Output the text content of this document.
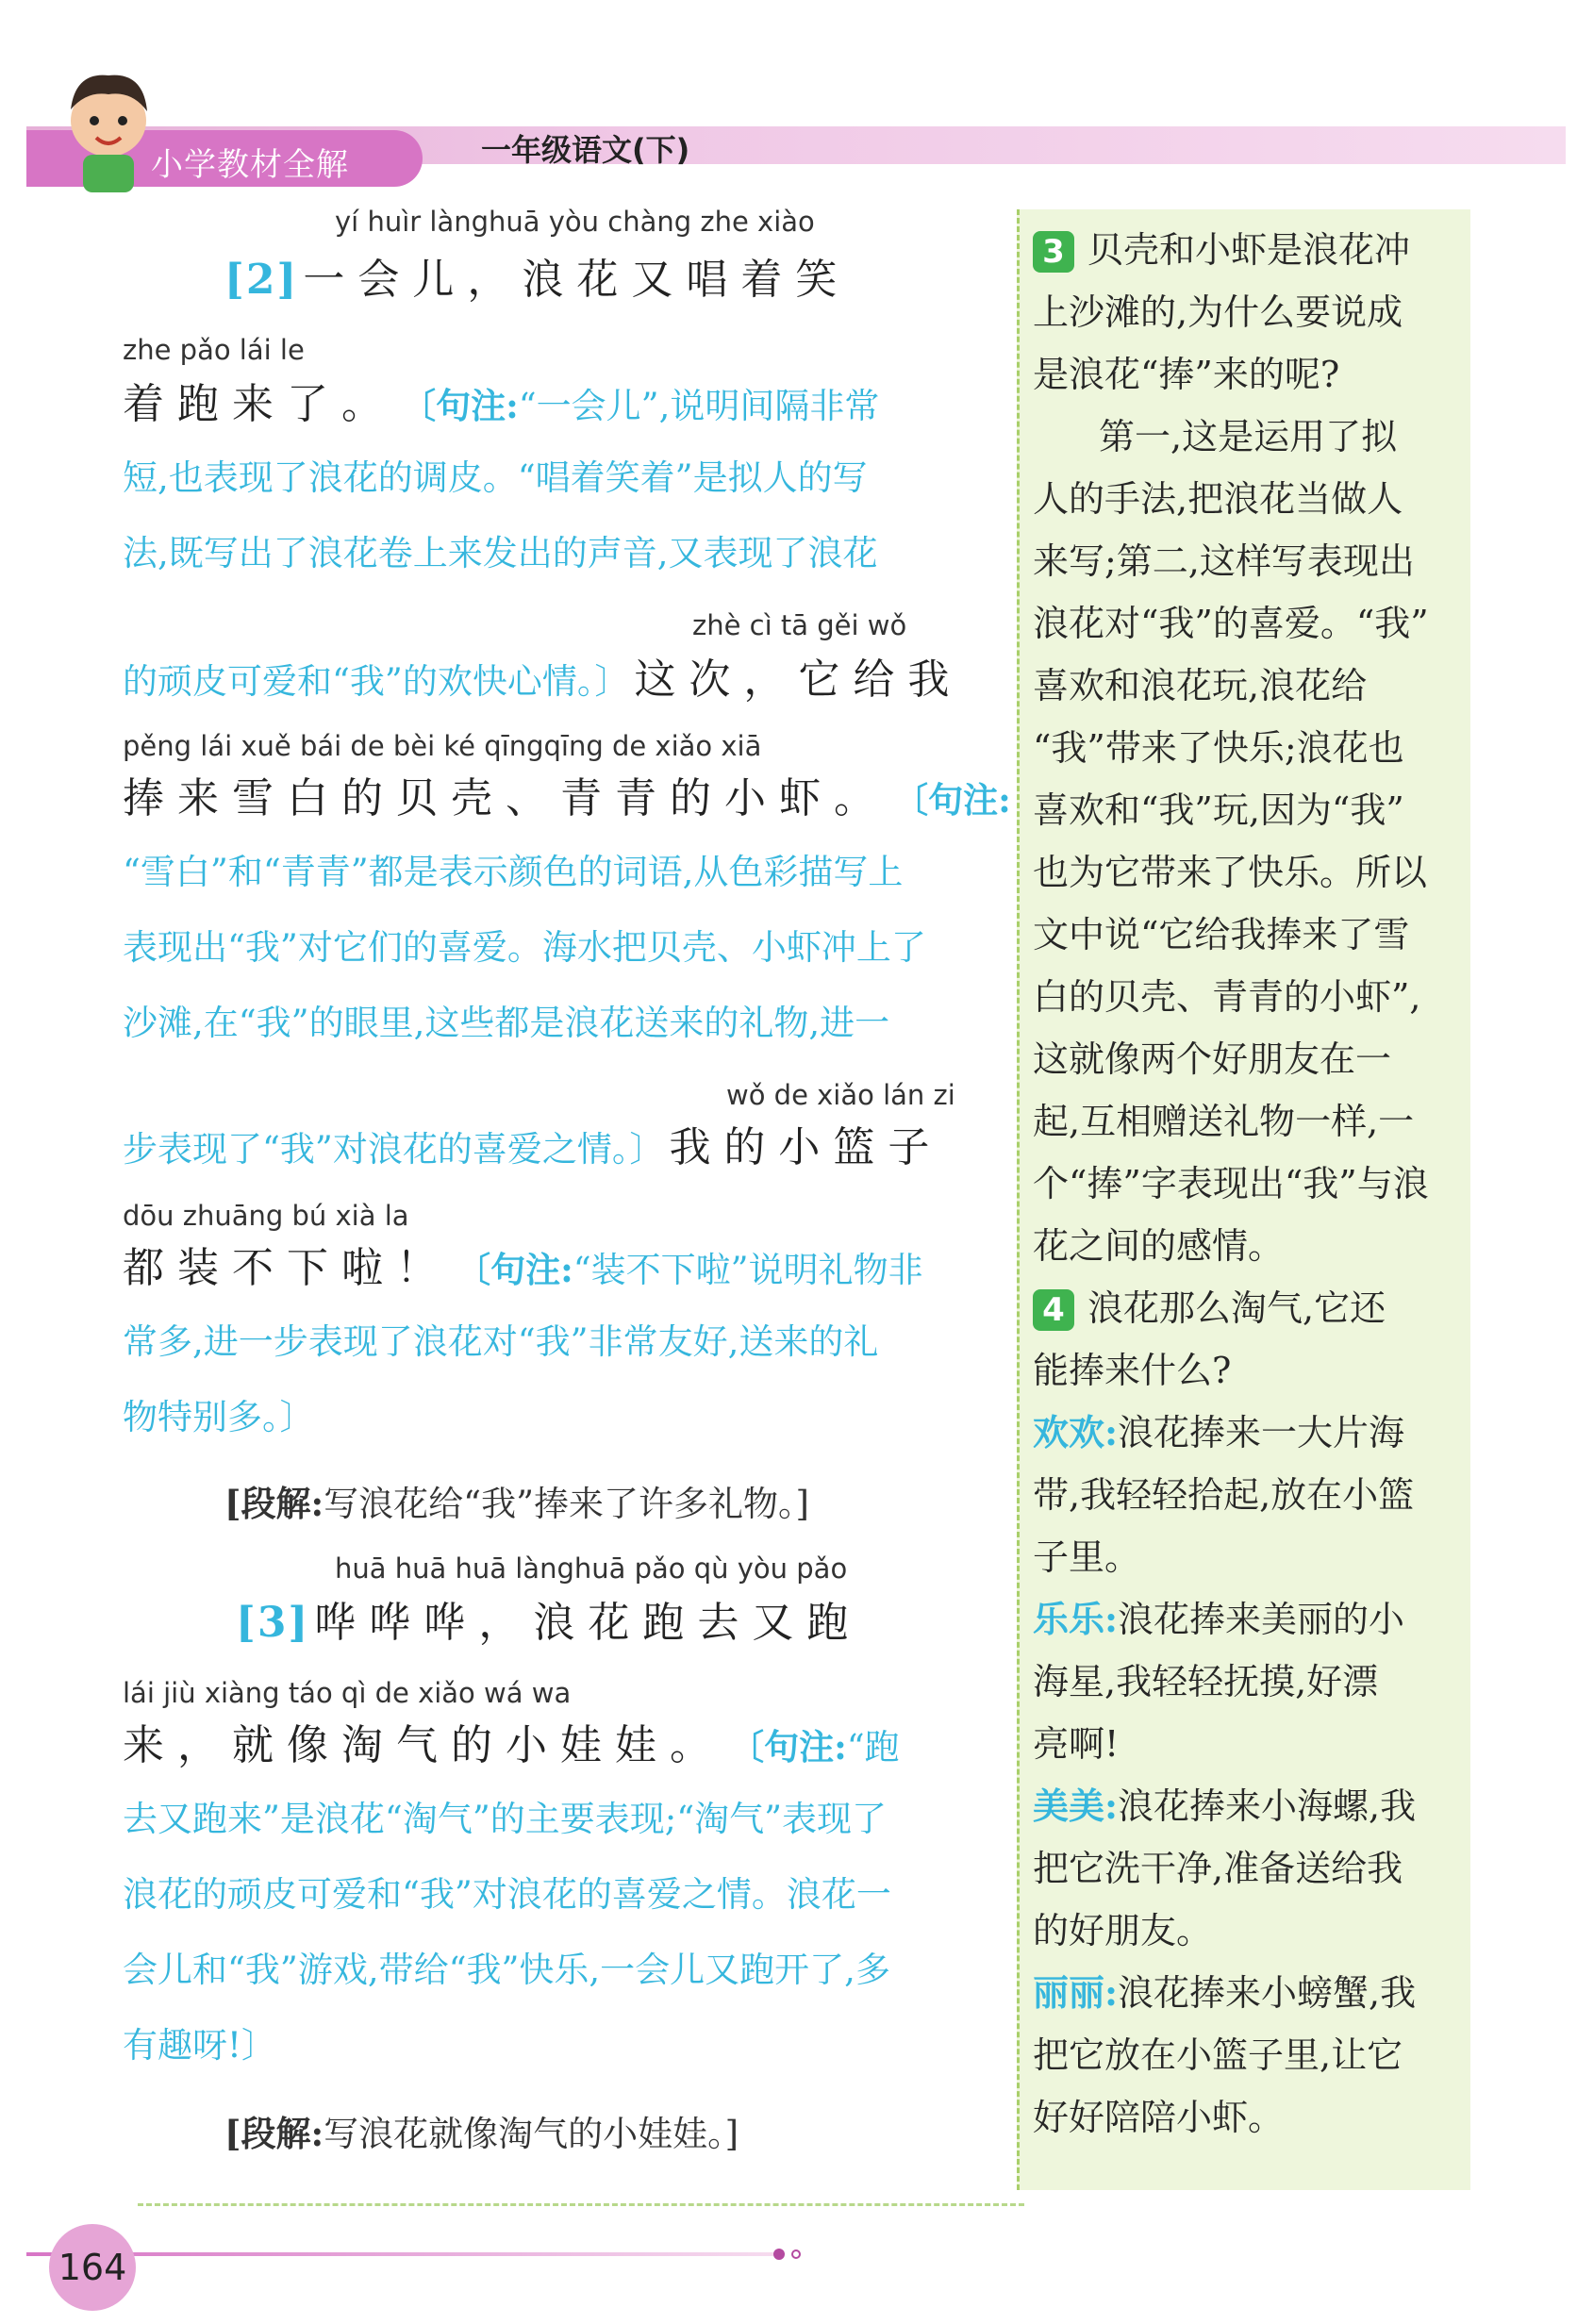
小学教材全解	一年级语文(下)
yí huìr lànghuā yòu chàng zhe xiào
[2] 一会儿，浪花又唱着笑
zhe pǎo lái le
着跑来了。 〔句注:“一会儿”,说明间隔非常
短,也表现了浪花的调皮。“唱着笑着”是拟人的写
法,既写出了浪花卷上来发出的声音,又表现了浪花
zhè cì tā gěi wǒ
的顽皮可爱和“我”的欢快心情。〕 这次，它给我
pěng lái xuě bái de bèi ké qīngqīng de xiǎo xiā
捧来雪白的贝壳、青青的小虾。 〔句注:
“雪白”和“青青”都是表示颜色的词语,从色彩描写上
表现出“我”对它们的喜爱。海水把贝壳、小虾冲上了
沙滩,在“我”的眼里,这些都是浪花送来的礼物,进一
wǒ de xiǎo lán zi
步表现了“我”对浪花的喜爱之情。〕 我的小篮子
dōu zhuāng bú xià la
都装不下啦！ 〔句注:“装不下啦”说明礼物非
常多,进一步表现了浪花对“我”非常友好,送来的礼
物特别多。〕
[段解:写浪花给“我”捧来了许多礼物。]
huā huā huā lànghuā pǎo qù yòu pǎo
[3] 哗哗哗，浪花跑去又跑
lái jiù xiàng táo qì de xiǎo wá wa
来，就像淘气的小娃娃。 〔句注:“跑
去又跑来”是浪花“淘气”的主要表现;“淘气”表现了
浪花的顽皮可爱和“我”对浪花的喜爱之情。浪花一
会儿和“我”游戏,带给“我”快乐,一会儿又跑开了,多
有趣呀!〕
[段解:写浪花就像淘气的小娃娃。]
3 贝壳和小虾是浪花冲
上沙滩的,为什么要说成
是浪花“捧”来的呢?
第一,这是运用了拟
人的手法,把浪花当做人
来写;第二,这样写表现出
浪花对“我”的喜爱。“我”
喜欢和浪花玩,浪花给
“我”带来了快乐;浪花也
喜欢和“我”玩,因为“我”
也为它带来了快乐。所以
文中说“它给我捧来了雪
白的贝壳、青青的小虾”,
这就像两个好朋友在一
起,互相赠送礼物一样,一
个“捧”字表现出“我”与浪
花之间的感情。
4 浪花那么淘气,它还
能捧来什么?
欢欢:浪花捧来一大片海
带,我轻轻拾起,放在小篮
子里。
乐乐:浪花捧来美丽的小
海星,我轻轻抚摸,好漂
亮啊!
美美:浪花捧来小海螺,我
把它洗干净,准备送给我
的好朋友。
丽丽:浪花捧来小螃蟹,我
把它放在小篮子里,让它
好好陪陪小虾。
164
